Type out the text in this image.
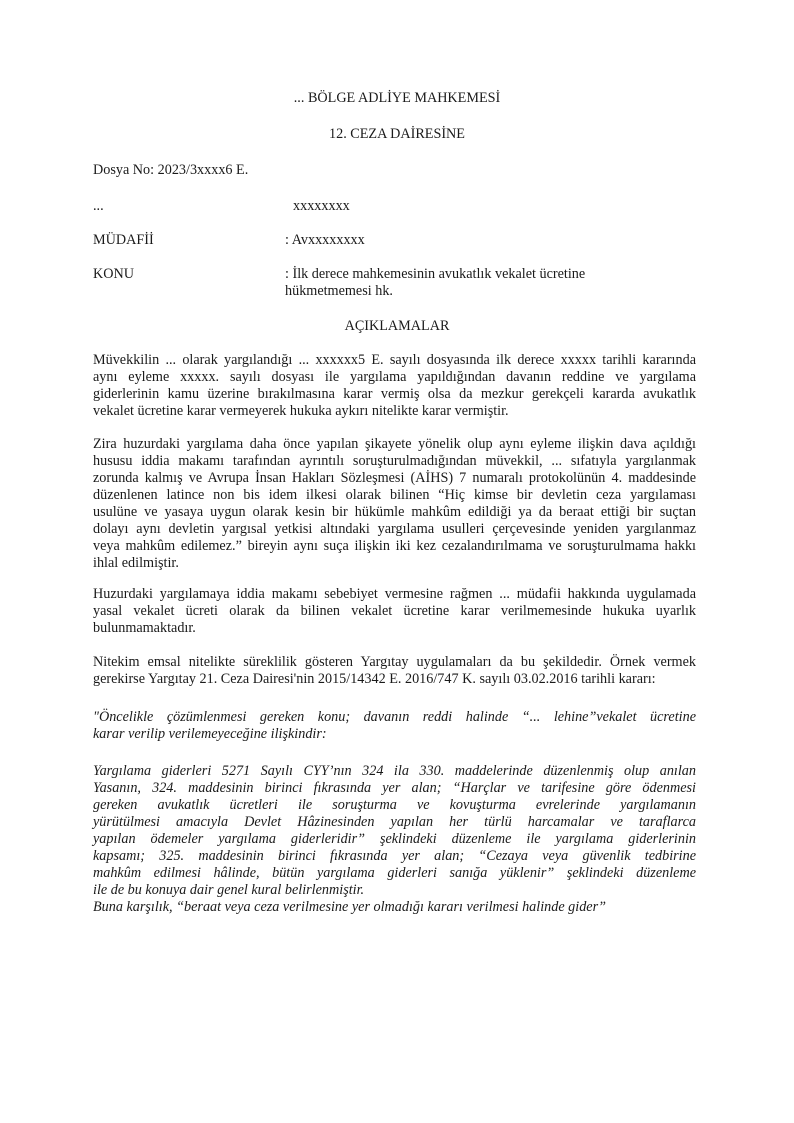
... BÖLGE ADLİYE MAHKEMESİ
12. CEZA DAİRESİNE
Dosya No: 2023/3xxxx6 E.
...	xxxxxxxx
MÜDAFİİ	: Avxxxxxxxx
KONU	: İlk derece mahkemesinin avukatlık vekalet ücretine
hükmetmemesi hk.
AÇIKLAMALAR
Müvekkilin ... olarak yargılandığı ... xxxxxx5 E. sayılı dosyasında ilk derece xxxxx tarihli kararında
aynı eyleme xxxxx. sayılı dosyası ile yargılama yapıldığından davanın reddine ve yargılama
giderlerinin kamu üzerine bırakılmasına karar vermiş olsa da mezkur gerekçeli kararda avukatlık
vekalet ücretine karar vermeyerek hukuka aykırı nitelikte karar vermiştir.
Zira huzurdaki yargılama daha önce yapılan şikayete yönelik olup aynı eyleme ilişkin dava açıldığı
hususu iddia makamı tarafından ayrıntılı soruşturulmadığından müvekkil, ... sıfatıyla yargılanmak
zorunda kalmış ve Avrupa İnsan Hakları Sözleşmesi (AİHS) 7 numaralı protokolünün 4. maddesinde
düzenlenen latince non bis idem ilkesi olarak bilinen “Hiç kimse bir devletin ceza yargılaması
usulüne ve yasaya uygun olarak kesin bir hükümle mahkûm edildiği ya da beraat ettiği bir suçtan
dolayı aynı devletin yargısal yetkisi altındaki yargılama usulleri çerçevesinde yeniden yargılanmaz
veya mahkûm edilemez.” bireyin aynı suça ilişkin iki kez cezalandırılmama ve soruşturulmama hakkı
ihlal edilmiştir.
Huzurdaki yargılamaya iddia makamı sebebiyet vermesine rağmen ... müdafii hakkında uygulamada
yasal vekalet ücreti olarak da bilinen vekalet ücretine karar verilmemesinde hukuka uyarlık
bulunmamaktadır.
Nitekim emsal nitelikte süreklilik gösteren Yargıtay uygulamaları da bu şekildedir. Örnek vermek
gerekirse Yargıtay 21. Ceza Dairesi'nin 2015/14342 E. 2016/747 K. sayılı 03.02.2016 tarihli kararı:
"Öncelikle çözümlenmesi gereken konu; davanın reddi halinde “... lehine”vekalet ücretine
karar verilip verilemeyeceğine ilişkindir:
Yargılama giderleri 5271 Sayılı CYY’nın 324 ila 330. maddelerinde düzenlenmiş olup anılan
Yasanın, 324. maddesinin birinci fıkrasında yer alan; “Harçlar ve tarifesine göre ödenmesi
gereken avukatlık ücretleri ile soruşturma ve kovuşturma evrelerinde yargılamanın
yürütülmesi amacıyla Devlet Hâzinesinden yapılan her türlü harcamalar ve taraflarca
yapılan ödemeler yargılama giderleridir” şeklindeki düzenleme ile yargılama giderlerinin
kapsamı; 325. maddesinin birinci fıkrasında yer alan; “Cezaya veya güvenlik tedbirine
mahkûm edilmesi hâlinde, bütün yargılama giderleri sanığa yüklenir” şeklindeki düzenleme
ile de bu konuya dair genel kural belirlenmiştir.
Buna karşılık, “beraat veya ceza verilmesine yer olmadığı kararı verilmesi halinde gider”
